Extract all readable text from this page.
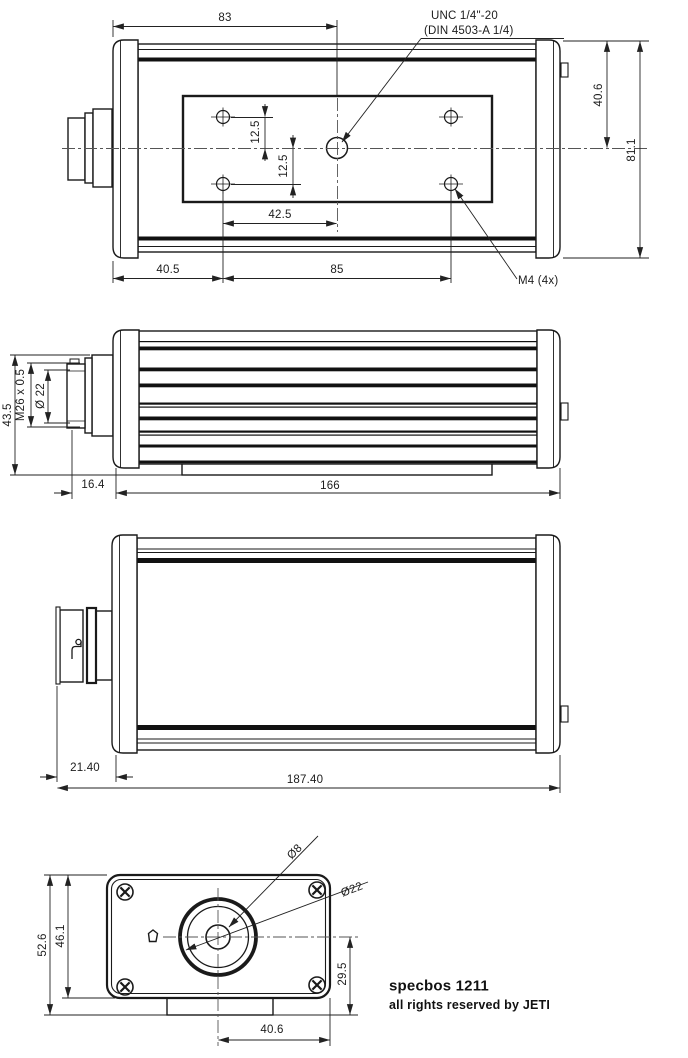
83	UNC 1/4"-20
(DIN 4503-A 1/4)
40.6
81.1
12.5
12.5
42.5
40.5	85
M4 (4x)
43.5 M26 x 0.5 Ø 22
16.4	166
21.40
187.40
52.6 46.1
29.5
40.6
Ø8
Ø22
specbos 1211
all rights reserved by JETI
